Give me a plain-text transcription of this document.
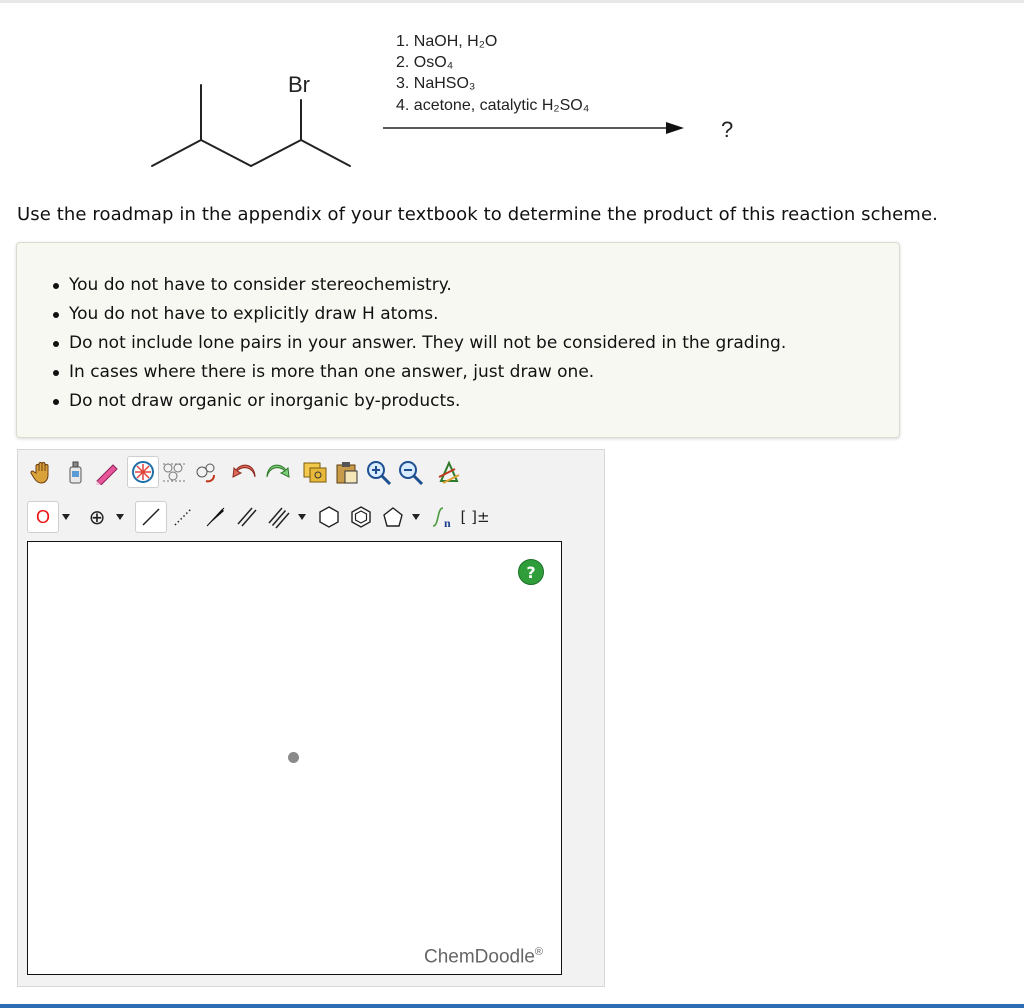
Br
1. NaOH, H₂O
2. OsO₄
3. NaHSO₃
4. acetone, catalytic H₂SO₄
?
Use the roadmap in the appendix of your textbook to determine the product of this reaction scheme.
You do not have to consider stereochemistry.
You do not have to explicitly draw H atoms.
Do not include lone pairs in your answer. They will not be considered in the grading.
In cases where there is more than one answer, just draw one.
Do not draw organic or inorganic by-products.
O ⊕	n [ ]±
?
ChemDoodle®
